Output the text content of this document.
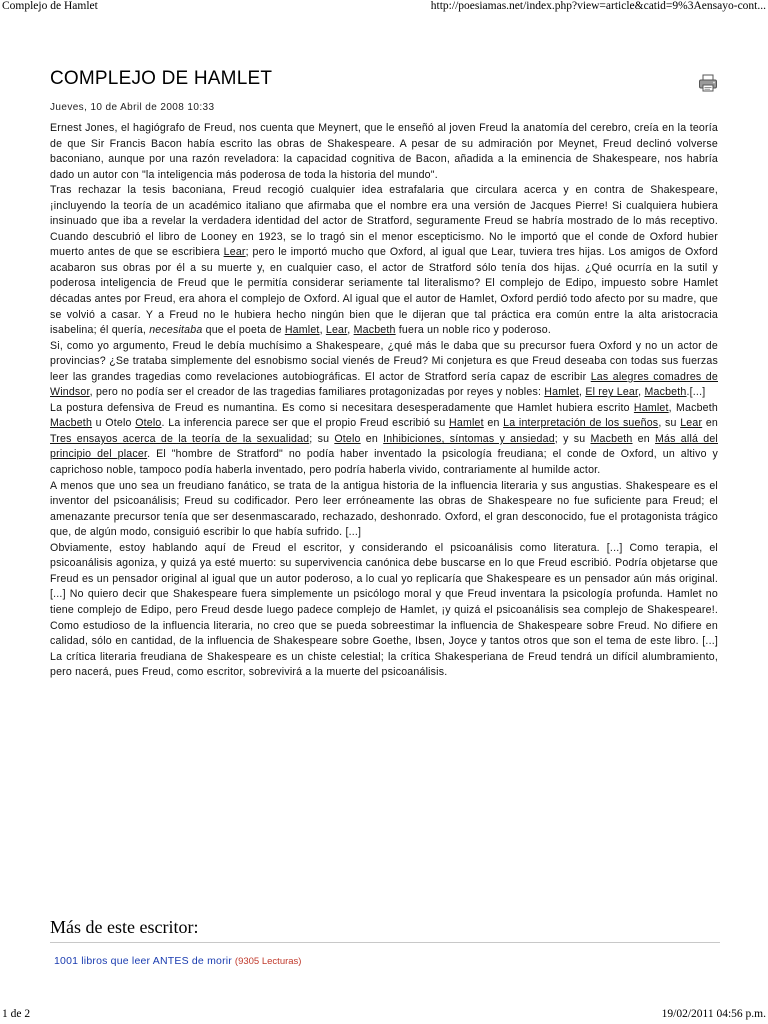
Complejo de Hamlet	http://poesiamas.net/index.php?view=article&catid=9%3Aensayo-cont...
COMPLEJO DE HAMLET
Jueves, 10 de Abril de 2008 10:33

Ernest Jones, el hagiógrafo de Freud, nos cuenta que Meynert, que le enseñó al joven Freud la anatomía del cerebro, creía en la teoría de que Sir Francis Bacon había escrito las obras de Shakespeare. A pesar de su admiración por Meynet, Freud declinó volverse baconiano, aunque por una razón reveladora: la capacidad cognitiva de Bacon, añadida a la eminencia de Shakespeare, nos habría dado un autor con "la inteligencia más poderosa de toda la historia del mundo".

Tras rechazar la tesis baconiana, Freud recogió cualquier idea estrafalaria que circulara acerca y en contra de Shakespeare, ¡incluyendo la teoría de un académico italiano que afirmaba que el nombre era una versión de Jacques Pierre! Si cualquiera hubiera insinuado que iba a revelar la verdadera identidad del actor de Stratford, seguramente Freud se habría mostrado de lo más receptivo. Cuando descubrió el libro de Looney en 1923, se lo tragó sin el menor escepticismo. No le importó que el conde de Oxford hubier muerto antes de que se escribiera Lear; pero le importó mucho que Oxford, al igual que Lear, tuviera tres hijas. Los amigos de Oxford acabaron sus obras por él a su muerte y, en cualquier caso, el actor de Stratford sólo tenía dos hijas. ¿Qué ocurría en la sutil y poderosa inteligencia de Freud que le permitía considerar seriamente tal literalismo? El complejo de Edipo, impuesto sobre Hamlet décadas antes por Freud, era ahora el complejo de Oxford. Al igual que el autor de Hamlet, Oxford perdió todo afecto por su madre, que se volvió a casar. Y a Freud no le hubiera hecho ningún bien que le dijeran que tal práctica era común entre la alta aristocracia isabelina; él quería, necesitaba que el poeta de Hamlet, Lear, Macbeth fuera un noble rico y poderoso.

Si, como yo argumento, Freud le debía muchísimo a Shakespeare, ¿qué más le daba que su precursor fuera Oxford y no un actor de provincias? ¿Se trataba simplemente del esnobismo social vienés de Freud? Mi conjetura es que Freud deseaba con todas sus fuerzas leer las grandes tragedias como revelaciones autobiográficas. El actor de Stratford sería capaz de escribir Las alegres comadres de Windsor, pero no podía ser el creador de las tragedias familiares protagonizadas por reyes y nobles: Hamlet, El rey Lear, Macbeth.[...]

La postura defensiva de Freud es numantina. Es como si necesitara desesperadamente que Hamlet hubiera escrito Hamlet, Macbeth Macbeth u Otelo Otelo. La inferencia parece ser que el propio Freud escribió su Hamlet en La interpretación de los sueños, su Lear en Tres ensayos acerca de la teoría de la sexualidad; su Otelo en Inhibiciones, síntomas y ansiedad; y su Macbeth en Más allá del principio del placer. El "hombre de Stratford" no podía haber inventado la psicología freudiana; el conde de Oxford, un altivo y caprichoso noble, tampoco podía haberla inventado, pero podría haberla vivido, contrariamente al humilde actor.

A menos que uno sea un freudiano fanático, se trata de la antigua historia de la influencia literaria y sus angustias. Shakespeare es el inventor del psicoanálisis; Freud su codificador. Pero leer erróneamente las obras de Shakespeare no fue suficiente para Freud; el amenazante precursor tenía que ser desenmascarado, rechazado, deshonrado. Oxford, el gran desconocido, fue el protagonista trágico que, de algún modo, consiguió escribir lo que había sufrido. [...]

Obviamente, estoy hablando aquí de Freud el escritor, y considerando el psicoanálisis como literatura. [...] Como terapia, el psicoanálisis agoniza, y quizá ya esté muerto: su supervivencia canónica debe buscarse en lo que Freud escribió. Podría objetarse que Freud es un pensador original al igual que un autor poderoso, a lo cual yo replicaría que Shakespeare es un pensador aún más original. [...] No quiero decir que Shakespeare fuera simplemente un psicólogo moral y que Freud inventara la psicología profunda. Hamlet no tiene complejo de Edipo, pero Freud desde luego padece complejo de Hamlet, ¡y quizá el psicoanálisis sea complejo de Shakespeare!. Como estudioso de la influencia literaria, no creo que se pueda sobreestimar la influencia de Shakespeare sobre Freud. No difiere en calidad, sólo en cantidad, de la influencia de Shakespeare sobre Goethe, Ibsen, Joyce y tantos otros que son el tema de este libro. [...] La crítica literaria freudiana de Shakespeare es un chiste celestial; la crítica Shakesperiana de Freud tendrá un difícil alumbramiento, pero nacerá, pues Freud, como escritor, sobrevivirá a la muerte del psicoanálisis.

Más de este escritor:
1001 libros que leer ANTES de morir (9305 Lecturas)
1 de 2	19/02/2011 04:56 p.m.
